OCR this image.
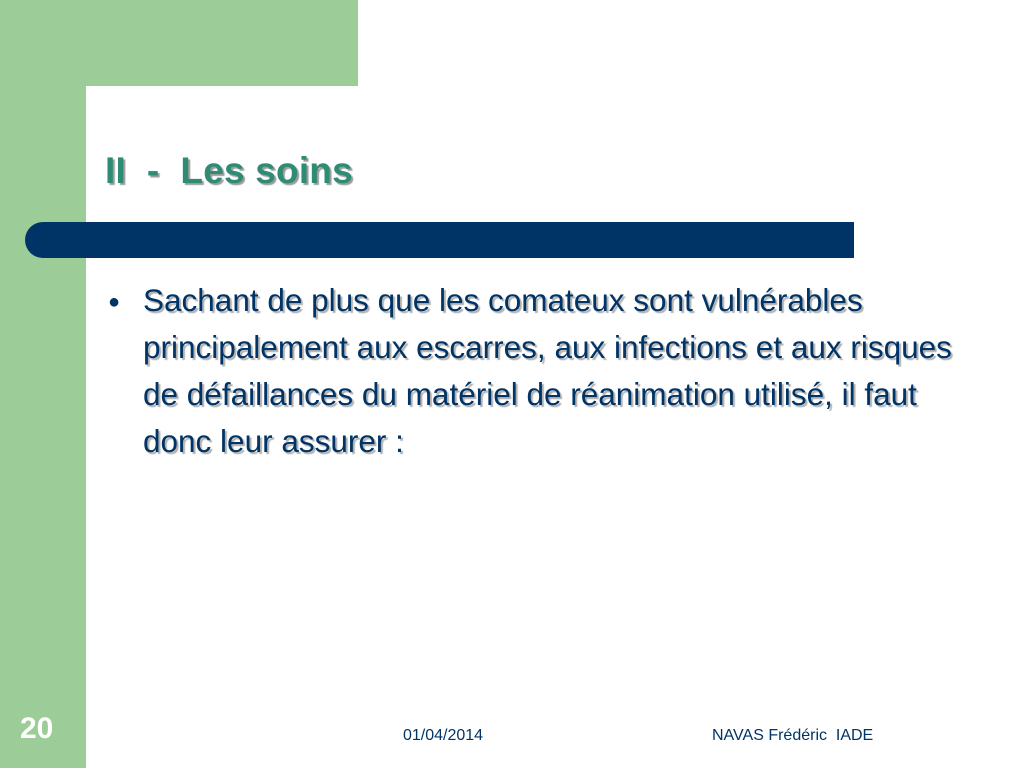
II  -  Les soins
● Sachant de plus que les comateux sont vulnérables principalement aux escarres, aux infections et aux risques de défaillances du matériel de réanimation utilisé, il faut donc leur assurer :

20	01/04/2014	NAVAS Frédéric  IADE
